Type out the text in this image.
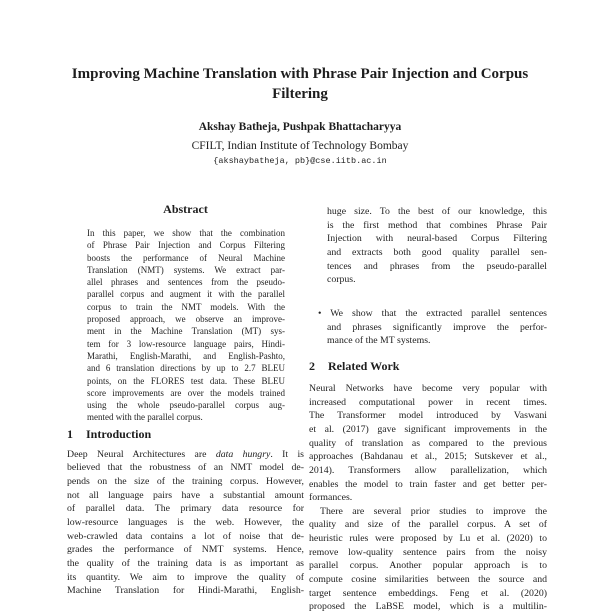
Improving Machine Translation with Phrase Pair Injection and Corpus
Filtering
Akshay Batheja, Pushpak Bhattacharyya
CFILT, Indian Institute of Technology Bombay
{akshaybatheja, pb}@cse.iitb.ac.in
Abstract
In this paper, we show that the combination
of Phrase Pair Injection and Corpus Filtering
boosts the performance of Neural Machine
Translation (NMT) systems. We extract par-
allel phrases and sentences from the pseudo-
parallel corpus and augment it with the parallel
corpus to train the NMT models. With the
proposed approach, we observe an improve-
ment in the Machine Translation (MT) sys-
tem for 3 low-resource language pairs, Hindi-
Marathi, English-Marathi, and English-Pashto,
and 6 translation directions by up to 2.7 BLEU
points, on the FLORES test data. These BLEU
score improvements are over the models trained
using the whole pseudo-parallel corpus aug-
mented with the parallel corpus.
1 Introduction
Deep Neural Architectures are data hungry. It is
believed that the robustness of an NMT model de-
pends on the size of the training corpus. However,
not all language pairs have a substantial amount
of parallel data. The primary data resource for
low-resource languages is the web. However, the
web-crawled data contains a lot of noise that de-
grades the performance of NMT systems. Hence,
the quality of the training data is as important as
its quantity. We aim to improve the quality of
Machine Translation for Hindi-Marathi, English-
huge size. To the best of our knowledge, this
is the first method that combines Phrase Pair
Injection with neural-based Corpus Filtering
and extracts both good quality parallel sen-
tences and phrases from the pseudo-parallel
corpus.
• We show that the extracted parallel sentences
and phrases significantly improve the perfor-
mance of the MT systems.
2 Related Work
Neural Networks have become very popular with
increased computational power in recent times.
The Transformer model introduced by Vaswani
et al. (2017) gave significant improvements in the
quality of translation as compared to the previous
approaches (Bahdanau et al., 2015; Sutskever et al.,
2014). Transformers allow parallelization, which
enables the model to train faster and get better per-
formances.
There are several prior studies to improve the
quality and size of the parallel corpus. A set of
heuristic rules were proposed by Lu et al. (2020) to
remove low-quality sentence pairs from the noisy
parallel corpus. Another popular approach is to
compute cosine similarities between the source and
target sentence embeddings. Feng et al. (2020)
proposed the LaBSE model, which is a multilin-
